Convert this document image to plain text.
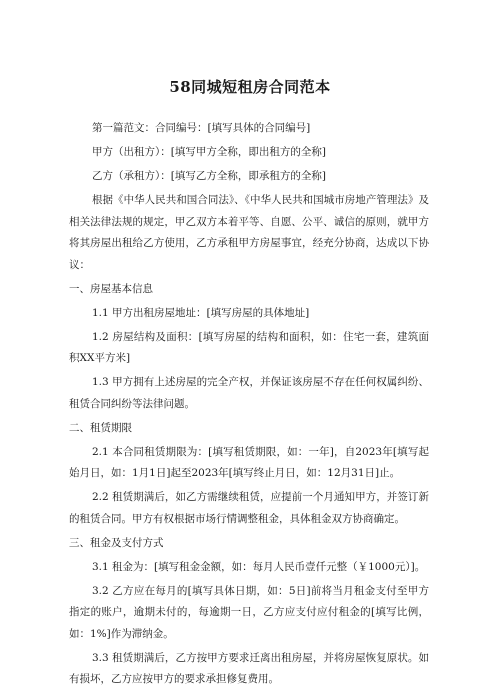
58同城短租房合同范本

第一篇范文：合同编号：[填写具体的合同编号]

甲方（出租方）：[填写甲方全称，即出租方的全称]

乙方（承租方）：[填写乙方全称，即承租方的全称]

根据《中华人民共和国合同法》、《中华人民共和国城市房地产管理法》及相关法律法规的规定，甲乙双方本着平等、自愿、公平、诚信的原则，就甲方将其房屋出租给乙方使用，乙方承租甲方房屋事宜，经充分协商，达成以下协议：

一、房屋基本信息

1.1 甲方出租房屋地址：[填写房屋的具体地址]

1.2 房屋结构及面积：[填写房屋的结构和面积，如：住宅一套，建筑面积XX平方米]

1.3 甲方拥有上述房屋的完全产权，并保证该房屋不存在任何权属纠纷、租赁合同纠纷等法律问题。

二、租赁期限

2.1 本合同租赁期限为：[填写租赁期限，如：一年]，自2023年[填写起始月日，如：1月1日]起至2023年[填写终止月日，如：12月31日]止。

2.2 租赁期满后，如乙方需继续租赁，应提前一个月通知甲方，并签订新的租赁合同。甲方有权根据市场行情调整租金，具体租金双方协商确定。

三、租金及支付方式

3.1 租金为：[填写租金金额，如：每月人民币壹仟元整（￥1000元）]。

3.2 乙方应在每月的[填写具体日期，如：5日]前将当月租金支付至甲方指定的账户，逾期未付的，每逾期一日，乙方应支付应付租金的[填写比例，如：1%]作为滞纳金。

3.3 租赁期满后，乙方按甲方要求迁离出租房屋，并将房屋恢复原状。如有损坏，乙方应按甲方的要求承担修复费用。
